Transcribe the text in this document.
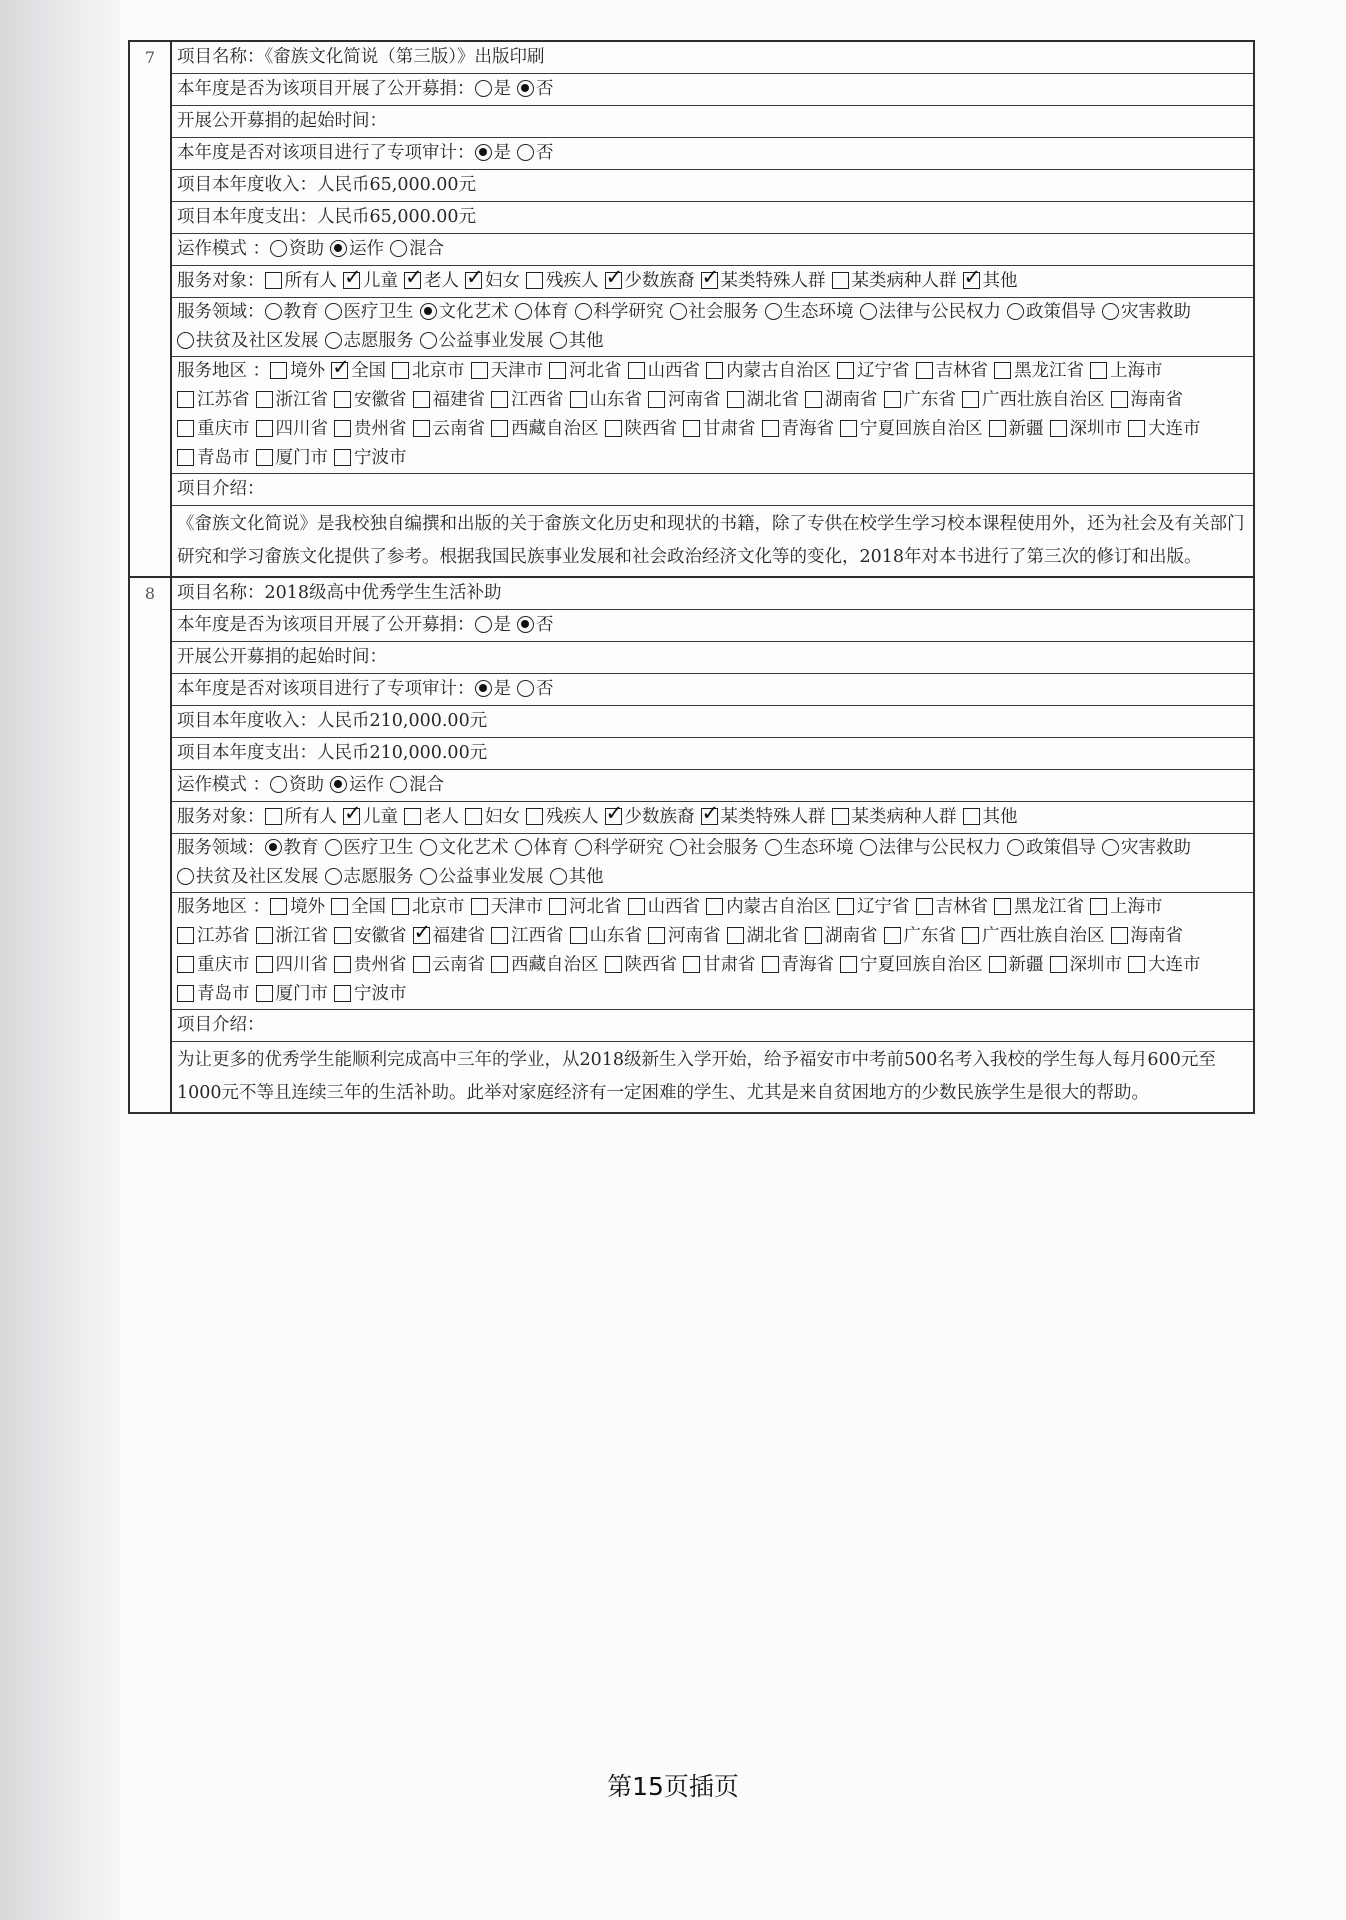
7	项目名称：《畲族文化简说（第三版）》出版印刷
本年度是否为该项目开展了公开募捐： 是 否
开展公开募捐的起始时间：
本年度是否对该项目进行了专项审计： 是 否
项目本年度收入：人民币65,000.00元
项目本年度支出：人民币65,000.00元
运作模式 ： 资助 运作 混合
服务对象： 所有人 ✓ 儿童 ✓ 老人 ✓ 妇女 残疾人 ✓ 少数族裔 ✓ 某类特殊人群 某类病种人群 ✓ 其他
服务领域： 教育 医疗卫生 文化艺术 体育 科学研究 社会服务 生态环境 法律与公民权力 政策倡导 灾害救助扶贫及社区发展 志愿服务 公益事业发展 其他
服务地区 ： 境外 ✓ 全国 北京市 天津市 河北省 山西省 内蒙古自治区 辽宁省 吉林省 黑龙江省 上海市江苏省 浙江省 安徽省 福建省 江西省 山东省 河南省 湖北省 湖南省 广东省 广西壮族自治区 海南省重庆市 四川省 贵州省 云南省 西藏自治区 陕西省 甘肃省 青海省 宁夏回族自治区 新疆 深圳市 大连市青岛市 厦门市 宁波市
项目介绍：
《畲族文化简说》是我校独自编撰和出版的关于畲族文化历史和现状的书籍，除了专供在校学生学习校本课程使用外，还为社会及有关部门研究和学习畲族文化提供了参考。根据我国民族事业发展和社会政治经济文化等的变化，2018年对本书进行了第三次的修订和出版。
8	项目名称：2018级高中优秀学生生活补助
本年度是否为该项目开展了公开募捐： 是 否
开展公开募捐的起始时间：
本年度是否对该项目进行了专项审计： 是 否
项目本年度收入：人民币210,000.00元
项目本年度支出：人民币210,000.00元
运作模式 ： 资助 运作 混合
服务对象： 所有人 ✓ 儿童 老人 妇女 残疾人 ✓ 少数族裔 ✓ 某类特殊人群 某类病种人群 其他
服务领域： 教育 医疗卫生 文化艺术 体育 科学研究 社会服务 生态环境 法律与公民权力 政策倡导 灾害救助扶贫及社区发展 志愿服务 公益事业发展 其他
服务地区 ： 境外 全国 北京市 天津市 河北省 山西省 内蒙古自治区 辽宁省 吉林省 黑龙江省 上海市江苏省 浙江省 安徽省 ✓ 福建省 江西省 山东省 河南省 湖北省 湖南省 广东省 广西壮族自治区 海南省重庆市 四川省 贵州省 云南省 西藏自治区 陕西省 甘肃省 青海省 宁夏回族自治区 新疆 深圳市 大连市青岛市 厦门市 宁波市
项目介绍：
为让更多的优秀学生能顺利完成高中三年的学业，从2018级新生入学开始，给予福安市中考前500名考入我校的学生每人每月600元至1000元不等且连续三年的生活补助。此举对家庭经济有一定困难的学生、尤其是来自贫困地方的少数民族学生是很大的帮助。
第15页插页
